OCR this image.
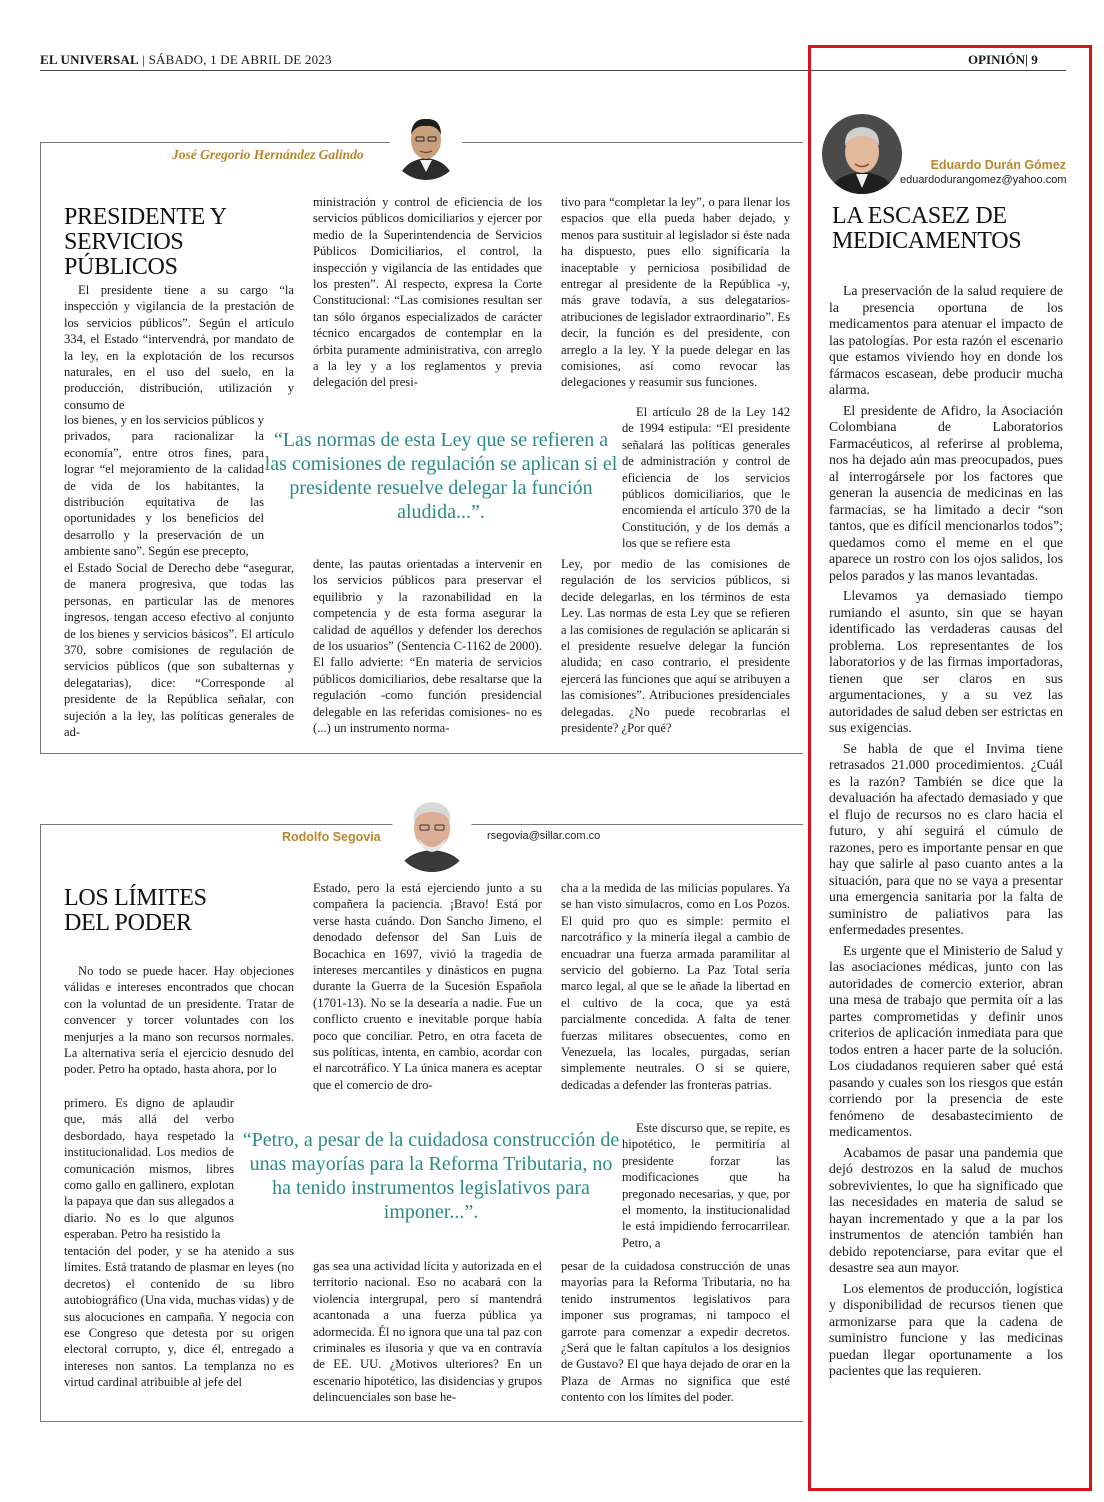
EL UNIVERSAL | SÁBADO, 1 DE ABRIL DE 2023	OPINIÓN| 9
José Gregorio Hernández Galindo
PRESIDENTE Y
SERVICIOS PÚBLICOS

El presidente tiene a su cargo “la inspección y vigilancia de la prestación de los servicios públicos”. Según el artículo 334, el Estado “intervendrá, por mandato de la ley, en la explotación de los recursos naturales, en el uso del suelo, en la producción, distribución, utilización y consumo de

los bienes, y en los servicios públicos y privados, para racionalizar la economía”, entre otros fines, para lograr “el mejoramiento de la calidad de vida de los habitantes, la distribución equitativa de las oportunidades y los beneficios del desarrollo y la preservación de un ambiente sano”. Según ese precepto,

el Estado Social de Derecho debe “asegurar, de manera progresiva, que todas las personas, en particular las de menores ingresos, tengan acceso efectivo al conjunto de los bienes y servicios básicos”. El artículo 370, sobre comisiones de regulación de servicios públicos (que son subalternas y delegatarias), dice: “Corresponde al presidente de la República señalar, con sujeción a la ley, las políticas generales de ad-

ministración y control de eficiencia de los servicios públicos domiciliarios y ejercer por medio de la Superintendencia de Servicios Públicos Domiciliarios, el control, la inspección y vigilancia de las entidades que los presten”. Al respecto, expresa la Corte Constitucional: “Las comisiones resultan ser tan sólo órganos especializados de carácter técnico encargados de contemplar en la órbita puramente administrativa, con arreglo a la ley y a los reglamentos y previa delegación del presi-

dente, las pautas orientadas a intervenir en los servicios públicos para preservar el equilibrio y la razonabilidad en la competencia y de esta forma asegurar la calidad de aquéllos y defender los derechos de los usuarios” (Sentencia C-1162 de 2000). El fallo advierte: “En materia de servicios públicos domiciliarios, debe resaltarse que la regulación -como función presidencial delegable en las referidas comisiones- no es (...) un instrumento norma-

tivo para “completar la ley”, o para llenar los espacios que ella pueda haber dejado, y menos para sustituir al legislador si éste nada ha dispuesto, pues ello significaría la inaceptable y perniciosa posibilidad de entregar al presidente de la República -y, más grave todavía, a sus delegatarios- atribuciones de legislador extraordinario”. Es decir, la función es del presidente, con arreglo a la ley. Y la puede delegar en las comisiones, así como revocar las delegaciones y reasumir sus funciones.

El artículo 28 de la Ley 142 de 1994 estipula: “El presidente señalará las políticas generales de administración y control de eficiencia de los servicios públicos domiciliarios, que le encomienda el artículo 370 de la Constitución, y de los demás a los que se refiere esta

Ley, por medio de las comisiones de regulación de los servicios públicos, si decide delegarlas, en los términos de esta Ley. Las normas de esta Ley que se refieren a las comisiones de regulación se aplicarán si el presidente resuelve delegar la función aludida; en caso contrario, el presidente ejercerá las funciones que aquí se atribuyen a las comisiones”. Atribuciones presidenciales delegadas. ¿No puede recobrarlas el presidente? ¿Por qué?

“Las normas de esta Ley que se refieren a las comisiones de regulación se aplican si el presidente resuelve delegar la función aludida...”.
Rodolfo Segovia	rsegovia@sillar.com.co
LOS LÍMITES
DEL PODER

No todo se puede hacer. Hay objeciones válidas e intereses encontrados que chocan con la voluntad de un presidente. Tratar de convencer y torcer voluntades con los menjurjes a la mano son recursos normales. La alternativa sería el ejercicio desnudo del poder. Petro ha optado, hasta ahora, por lo

primero. Es digno de aplaudir que, más allá del verbo desbordado, haya respetado la institucionalidad. Los medios de comunicación mismos, libres como gallo en gallinero, explotan la papaya que dan sus allegados a diario. No es lo que algunos esperaban. Petro ha resistido la

tentación del poder, y se ha atenido a sus límites. Está tratando de plasmar en leyes (no decretos) el contenido de su libro autobiográfico (Una vida, muchas vidas) y de sus alocuciones en campaña. Y negocia con ese Congreso que detesta por su origen electoral corrupto, y, dice él, entregado a intereses non santos. La templanza no es virtud cardinal atribuible al jefe del

Estado, pero la está ejerciendo junto a su compañera la paciencia. ¡Bravo! Está por verse hasta cuándo. Don Sancho Jimeno, el denodado defensor del San Luis de Bocachica en 1697, vivió la tragedia de intereses mercantiles y dinásticos en pugna durante la Guerra de la Sucesión Española (1701-13). No se la desearía a nadie. Fue un conflicto cruento e inevitable porque había poco que conciliar. Petro, en otra faceta de sus políticas, intenta, en cambio, acordar con el narcotráfico. Y La única manera es aceptar que el comercio de dro-

gas sea una actividad lícita y autorizada en el territorio nacional. Eso no acabará con la violencia intergrupal, pero sí mantendrá acantonada a una fuerza pública ya adormecida. Él no ignora que una tal paz con criminales es ilusoria y que va en contravía de EE. UU. ¿Motivos ulteriores? En un escenario hipotético, las disidencias y grupos delincuenciales son base he-

cha a la medida de las milicias populares. Ya se han visto simulacros, como en Los Pozos. El quid pro quo es simple: permito el narcotráfico y la minería ilegal a cambio de encuadrar una fuerza armada paramilitar al servicio del gobierno. La Paz Total sería marco legal, al que se le añade la libertad en el cultivo de la coca, que ya está parcialmente concedida. A falta de tener fuerzas militares obsecuentes, como en Venezuela, las locales, purgadas, serían simplemente neutrales. O si se quiere, dedicadas a defender las fronteras patrias.

Este discurso que, se repite, es hipotético, le permitiría al presidente forzar las modificaciones que ha pregonado necesarias, y que, por el momento, la institucionalidad le está impidiendo ferrocarrilear. Petro, a

pesar de la cuidadosa construcción de unas mayorías para la Reforma Tributaria, no ha tenido instrumentos legislativos para imponer sus programas, ni tampoco el garrote para comenzar a expedir decretos. ¿Será que le faltan capítulos a los designios de Gustavo? El que haya dejado de orar en la Plaza de Armas no significa que esté contento con los límites del poder.

“Petro, a pesar de la cuidadosa construcción de unas mayorías para la Reforma Tributaria, no ha tenido instrumentos legislativos para imponer...”.
Eduardo Durán Gómez
eduardodurangomez@yahoo.com
LA ESCASEZ DE
MEDICAMENTOS

La preservación de la salud requiere de la presencia oportuna de los medicamentos para atenuar el impacto de las patologías. Por esta razón el escenario que estamos viviendo hoy en donde los fármacos escasean, debe producir mucha alarma.

El presidente de Afidro, la Asociación Colombiana de Laboratorios Farmacéuticos, al referirse al problema, nos ha dejado aún mas preocupados, pues al interrogársele por los factores que generan la ausencia de medicinas en las farmacias, se ha limitado a decir “son tantos, que es difícil mencionarlos todos”; quedamos como el meme en el que aparece un rostro con los ojos salidos, los pelos parados y las manos levantadas.

Llevamos ya demasiado tiempo rumiando el asunto, sin que se hayan identificado las verdaderas causas del problema. Los representantes de los laboratorios y de las firmas importadoras, tienen que ser claros en sus argumentaciones, y a su vez las autoridades de salud deben ser estrictas en sus exigencias.

Se habla de que el Invima tiene retrasados 21.000 procedimientos. ¿Cuál es la razón? También se dice que la devaluación ha afectado demasiado y que el flujo de recursos no es claro hacia el futuro, y ahí seguirá el cúmulo de razones, pero es importante pensar en que hay que salirle al paso cuanto antes a la situación, para que no se vaya a presentar una emergencia sanitaria por la falta de suministro de paliativos para las enfermedades presentes.

Es urgente que el Ministerio de Salud y las asociaciones médicas, junto con las autoridades de comercio exterior, abran una mesa de trabajo que permita oír a las partes comprometidas y definir unos criterios de aplicación inmediata para que todos entren a hacer parte de la solución. Los ciudadanos requieren saber qué está pasando y cuales son los riesgos que están corriendo por la presencia de este fenómeno de desabastecimiento de medicamentos.

Acabamos de pasar una pandemia que dejó destrozos en la salud de muchos sobrevivientes, lo que ha significado que las necesidades en materia de salud se hayan incrementado y que a la par los instrumentos de atención también han debido repotenciarse, para evitar que el desastre sea aun mayor.

Los elementos de producción, logística y disponibilidad de recursos tienen que armonizarse para que la cadena de suministro funcione y las medicinas puedan llegar oportunamente a los pacientes que las requieren.
